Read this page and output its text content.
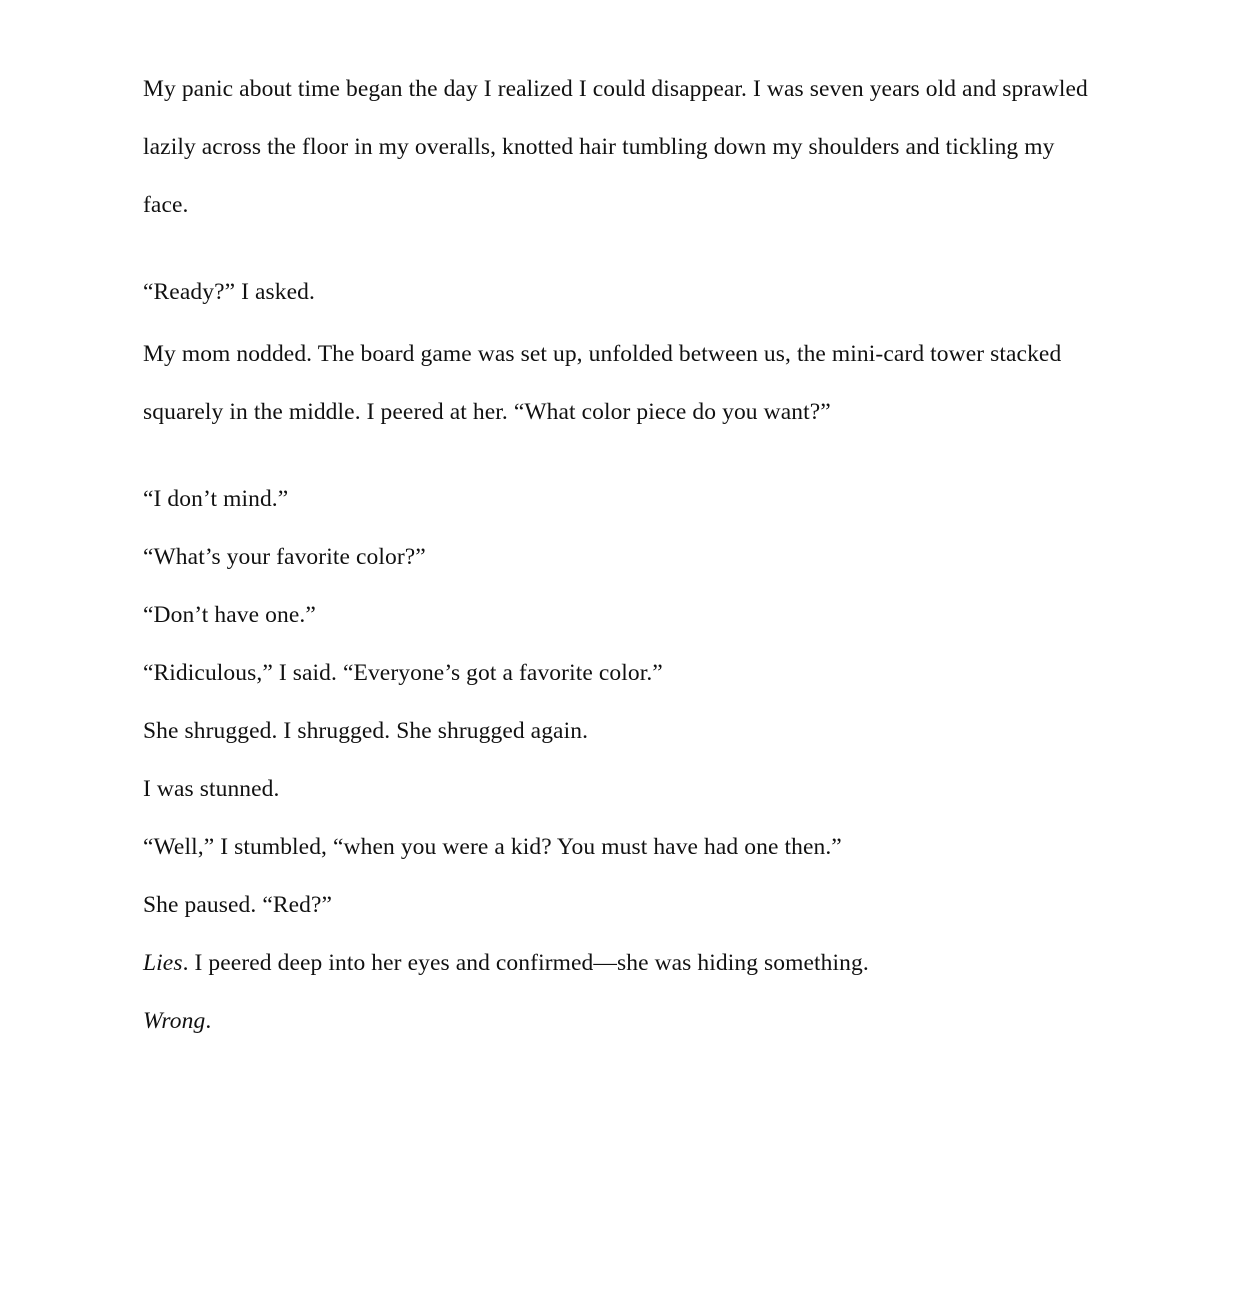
My panic about time began the day I realized I could disappear. I was seven years old and sprawled lazily across the floor in my overalls, knotted hair tumbling down my shoulders and tickling my face.

“Ready?” I asked.

My mom nodded. The board game was set up, unfolded between us, the mini-card tower stacked squarely in the middle. I peered at her. “What color piece do you want?”

“I don’t mind.”

“What’s your favorite color?”

“Don’t have one.”

“Ridiculous,” I said. “Everyone’s got a favorite color.”

She shrugged. I shrugged. She shrugged again.

I was stunned.

“Well,” I stumbled, “when you were a kid? You must have had one then.”

She paused. “Red?”

Lies. I peered deep into her eyes and confirmed—she was hiding something.

Wrong.
